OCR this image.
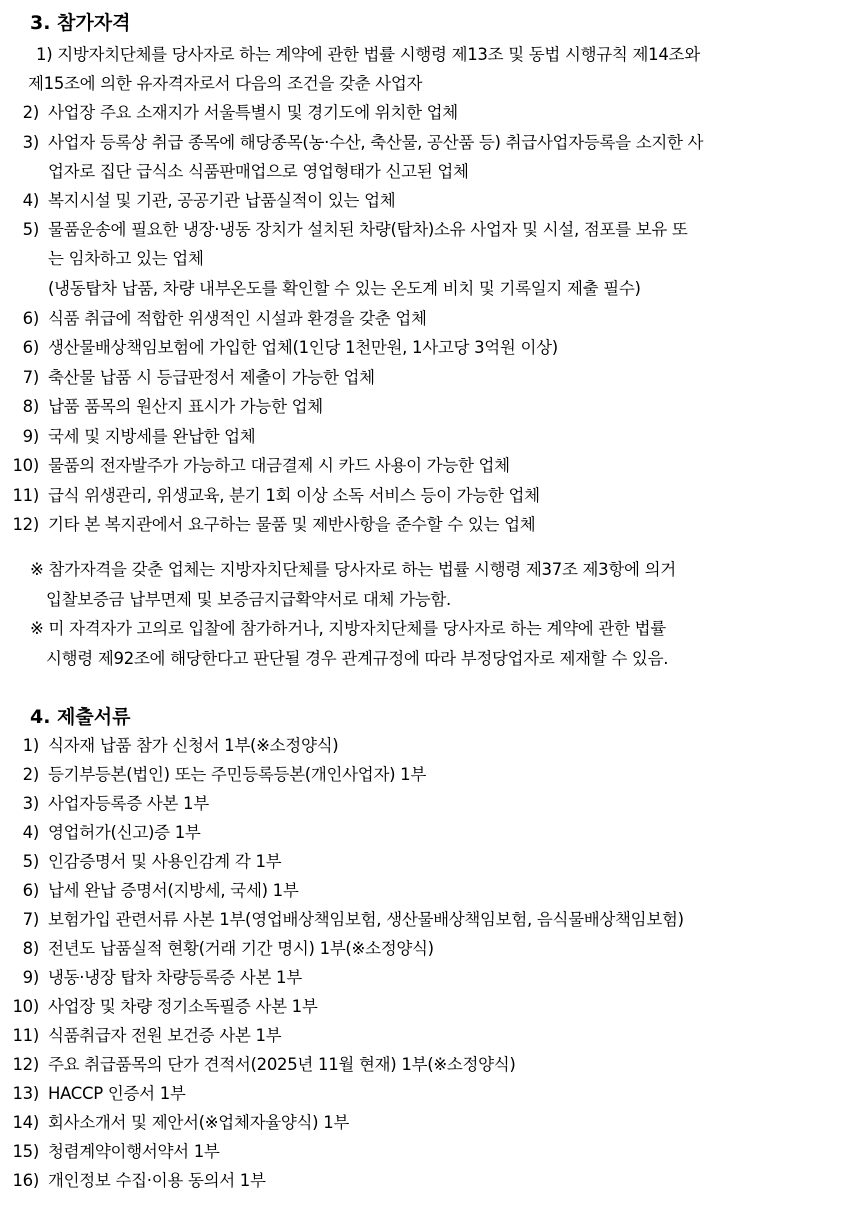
3. 참가자격
1) 지방자치단체를 당사자로 하는 계약에 관한 법률 시행령 제13조 및 동법 시행규칙 제14조와
제15조에 의한 유자격자로서 다음의 조건을 갖춘 사업자
2) 사업장 주요 소재지가 서울특별시 및 경기도에 위치한 업체
3) 사업자 등록상 취급 종목에 해당종목(농·수산, 축산물, 공산품 등) 취급사업자등록을 소지한 사
업자로 집단 급식소 식품판매업으로 영업형태가 신고된 업체
4) 복지시설 및 기관, 공공기관 납품실적이 있는 업체
5) 물품운송에 필요한 냉장·냉동 장치가 설치된 차량(탑차)소유 사업자 및 시설, 점포를 보유 또
는 임차하고 있는 업체
(냉동탑차 납품, 차량 내부온도를 확인할 수 있는 온도계 비치 및 기록일지 제출 필수)
6) 식품 취급에 적합한 위생적인 시설과 환경을 갖춘 업체
6) 생산물배상책임보험에 가입한 업체(1인당 1천만원, 1사고당 3억원 이상)
7) 축산물 납품 시 등급판정서 제출이 가능한 업체
8) 납품 품목의 원산지 표시가 가능한 업체
9) 국세 및 지방세를 완납한 업체
10) 물품의 전자발주가 가능하고 대금결제 시 카드 사용이 가능한 업체
11) 급식 위생관리, 위생교육, 분기 1회 이상 소독 서비스 등이 가능한 업체
12) 기타 본 복지관에서 요구하는 물품 및 제반사항을 준수할 수 있는 업체
※ 참가자격을 갖춘 업체는 지방자치단체를 당사자로 하는 법률 시행령 제37조 제3항에 의거
입찰보증금 납부면제 및 보증금지급확약서로 대체 가능함.
※ 미 자격자가 고의로 입찰에 참가하거나, 지방자치단체를 당사자로 하는 계약에 관한 법률
시행령 제92조에 해당한다고 판단될 경우 관계규정에 따라 부정당업자로 제재할 수 있음.
4. 제출서류
1) 식자재 납품 참가 신청서 1부(※소정양식)
2) 등기부등본(법인) 또는 주민등록등본(개인사업자) 1부
3) 사업자등록증 사본 1부
4) 영업허가(신고)증 1부
5) 인감증명서 및 사용인감계 각 1부
6) 납세 완납 증명서(지방세, 국세) 1부
7) 보험가입 관련서류 사본 1부(영업배상책임보험, 생산물배상책임보험, 음식물배상책임보험)
8) 전년도 납품실적 현황(거래 기간 명시) 1부(※소정양식)
9) 냉동·냉장 탑차 차량등록증 사본 1부
10) 사업장 및 차량 정기소독필증 사본 1부
11) 식품취급자 전원 보건증 사본 1부
12) 주요 취급품목의 단가 견적서(2025년 11월 현재) 1부(※소정양식)
13) HACCP 인증서 1부
14) 회사소개서 및 제안서(※업체자율양식) 1부
15) 청렴계약이행서약서 1부
16) 개인정보 수집·이용 동의서 1부
